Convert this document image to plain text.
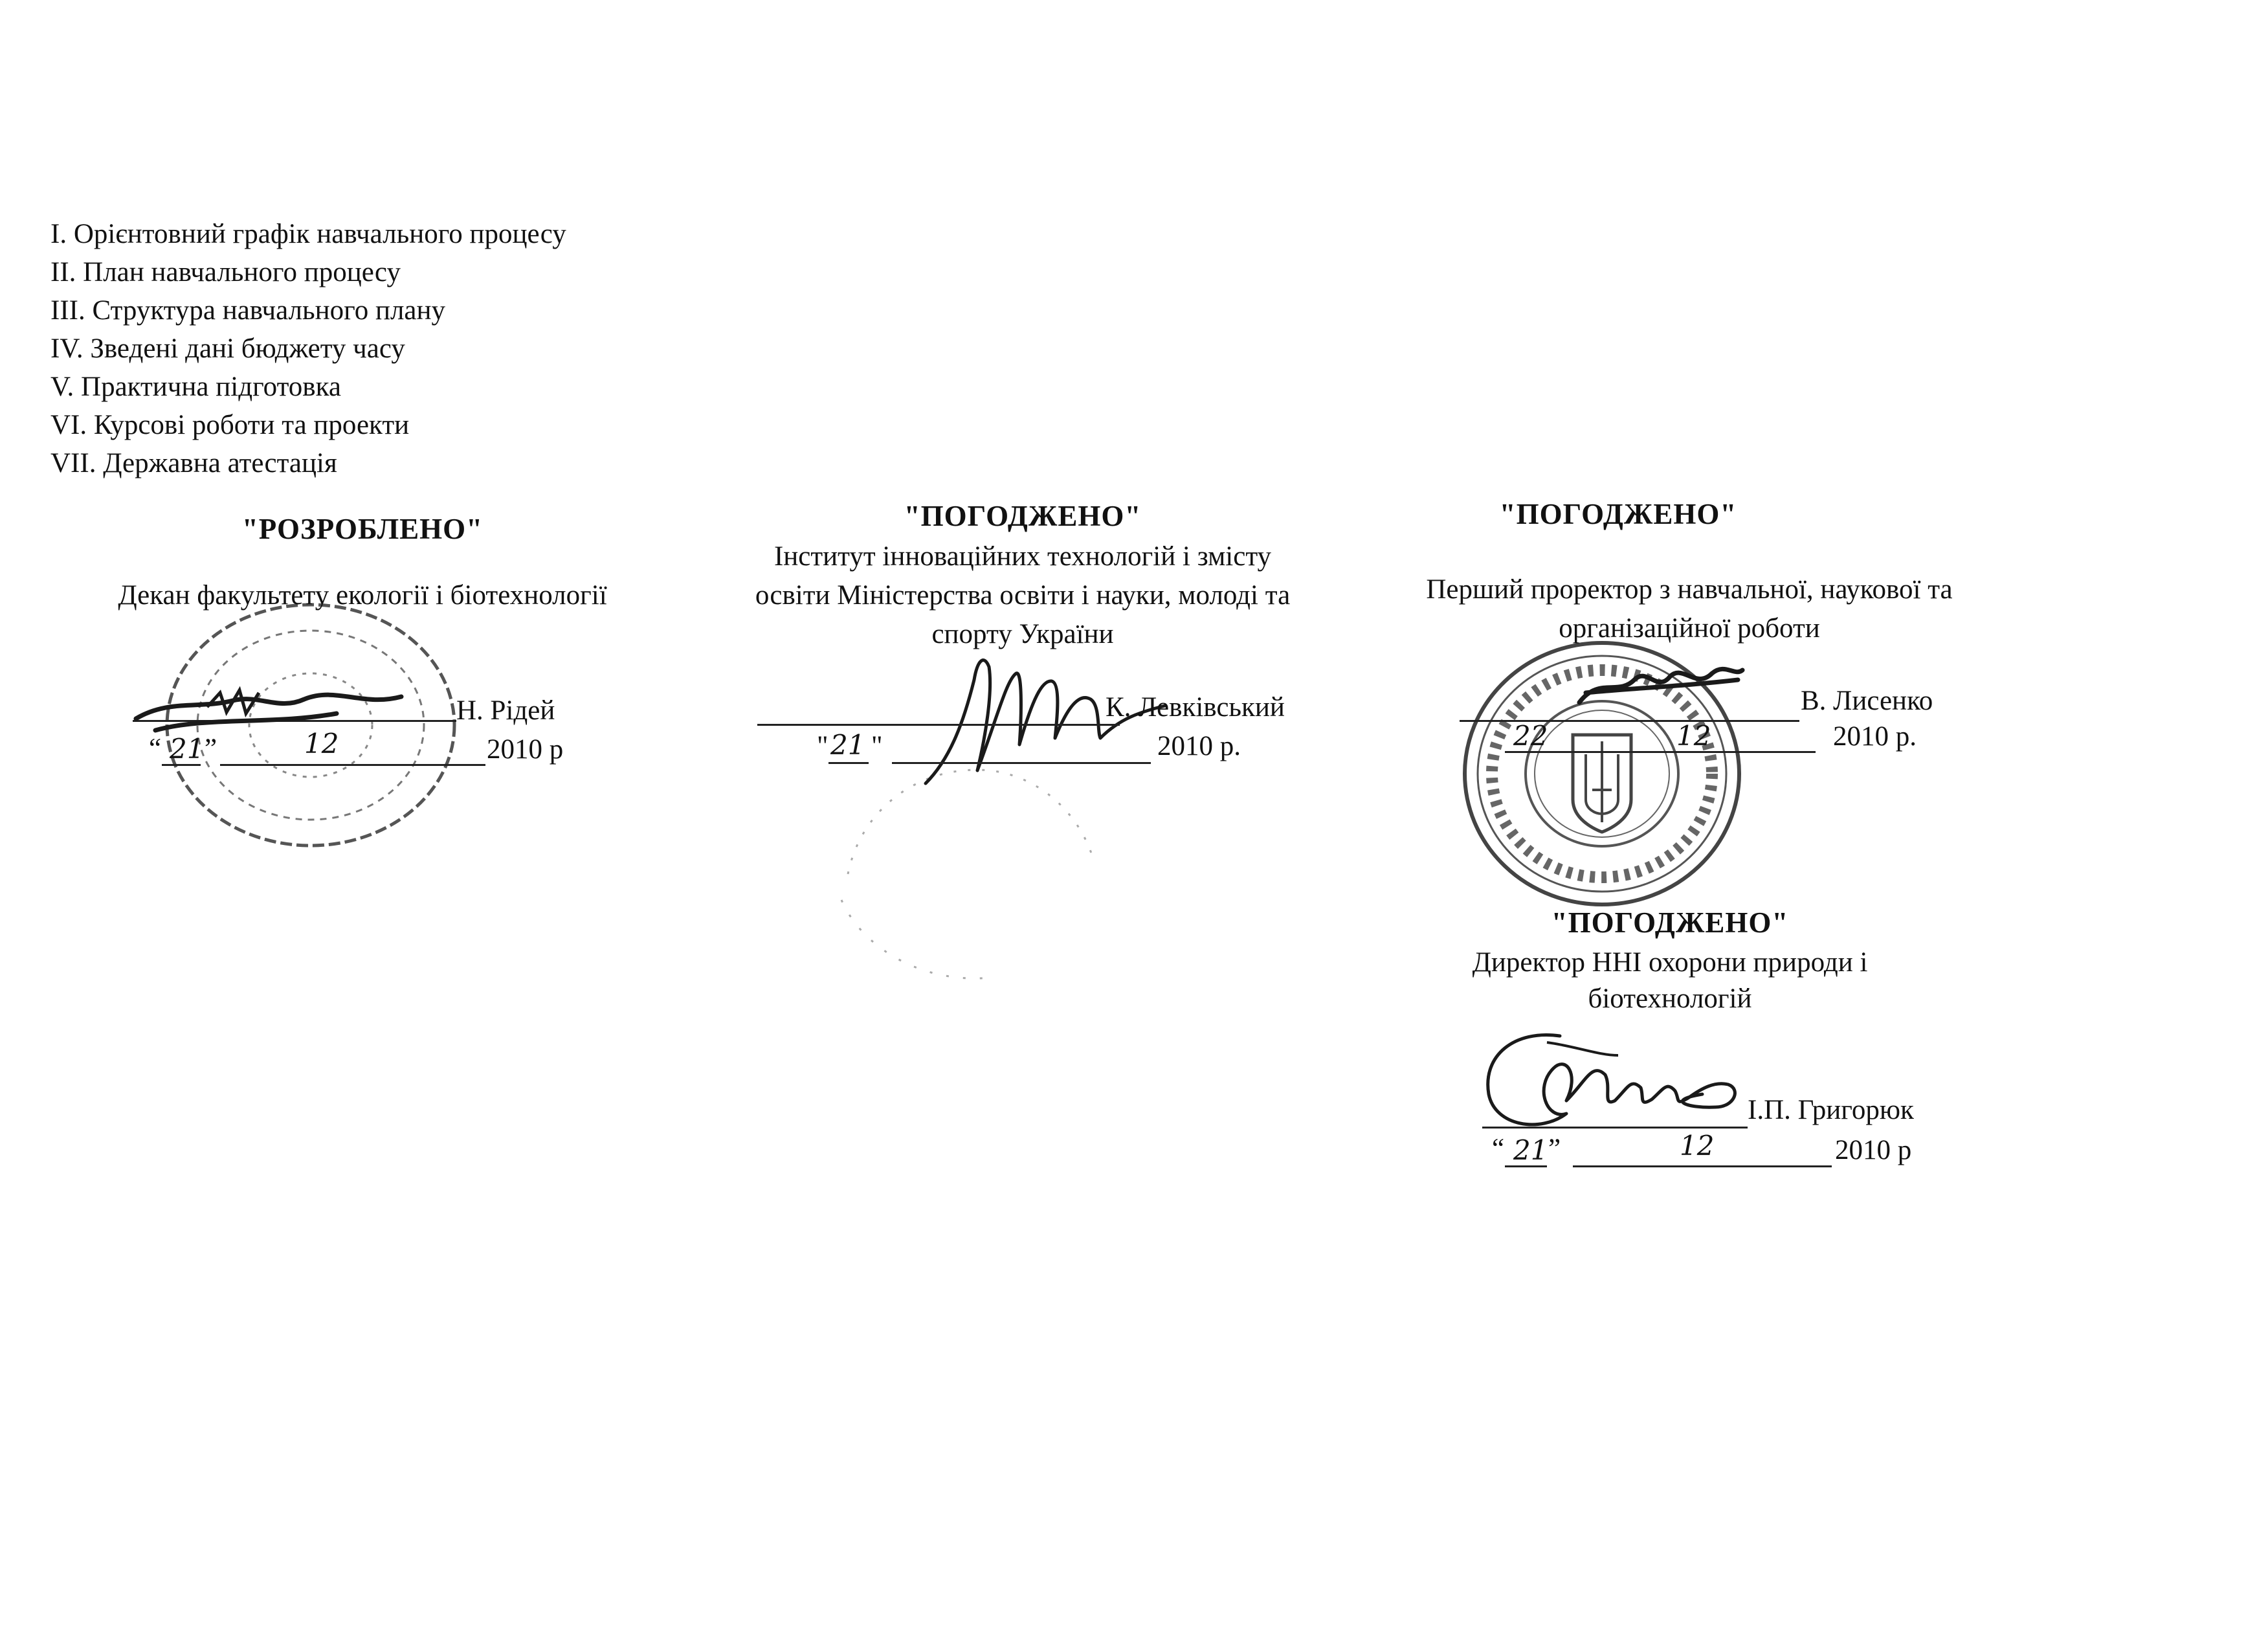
I. Орієнтовний графік навчального процесу
II. План навчального процесу
III. Структура навчального плану
IV. Зведені дані бюджету часу
V. Практична підготовка
VI. Курсові роботи та проекти
VII. Державна атестація
"РОЗРОБЛЕНО"
Декан факультету екології і біотехнології
Н. Рідей
“ 21 ”	12	2010 р
"ПОГОДЖЕНО"
Інститут інноваційних технологій і змісту
освіти Міністерства освіти і науки, молоді та
спорту України
К. Левківський
" 21 "	2010 р.
"ПОГОДЖЕНО"
Перший проректор з навчальної, наукової та
організаційної роботи
В. Лисенко
22	12	2010 р.
"ПОГОДЖЕНО"
Директор ННІ охорони природи і
біотехнологій
І.П. Григорюк
“ 21 ”	12	2010 р
